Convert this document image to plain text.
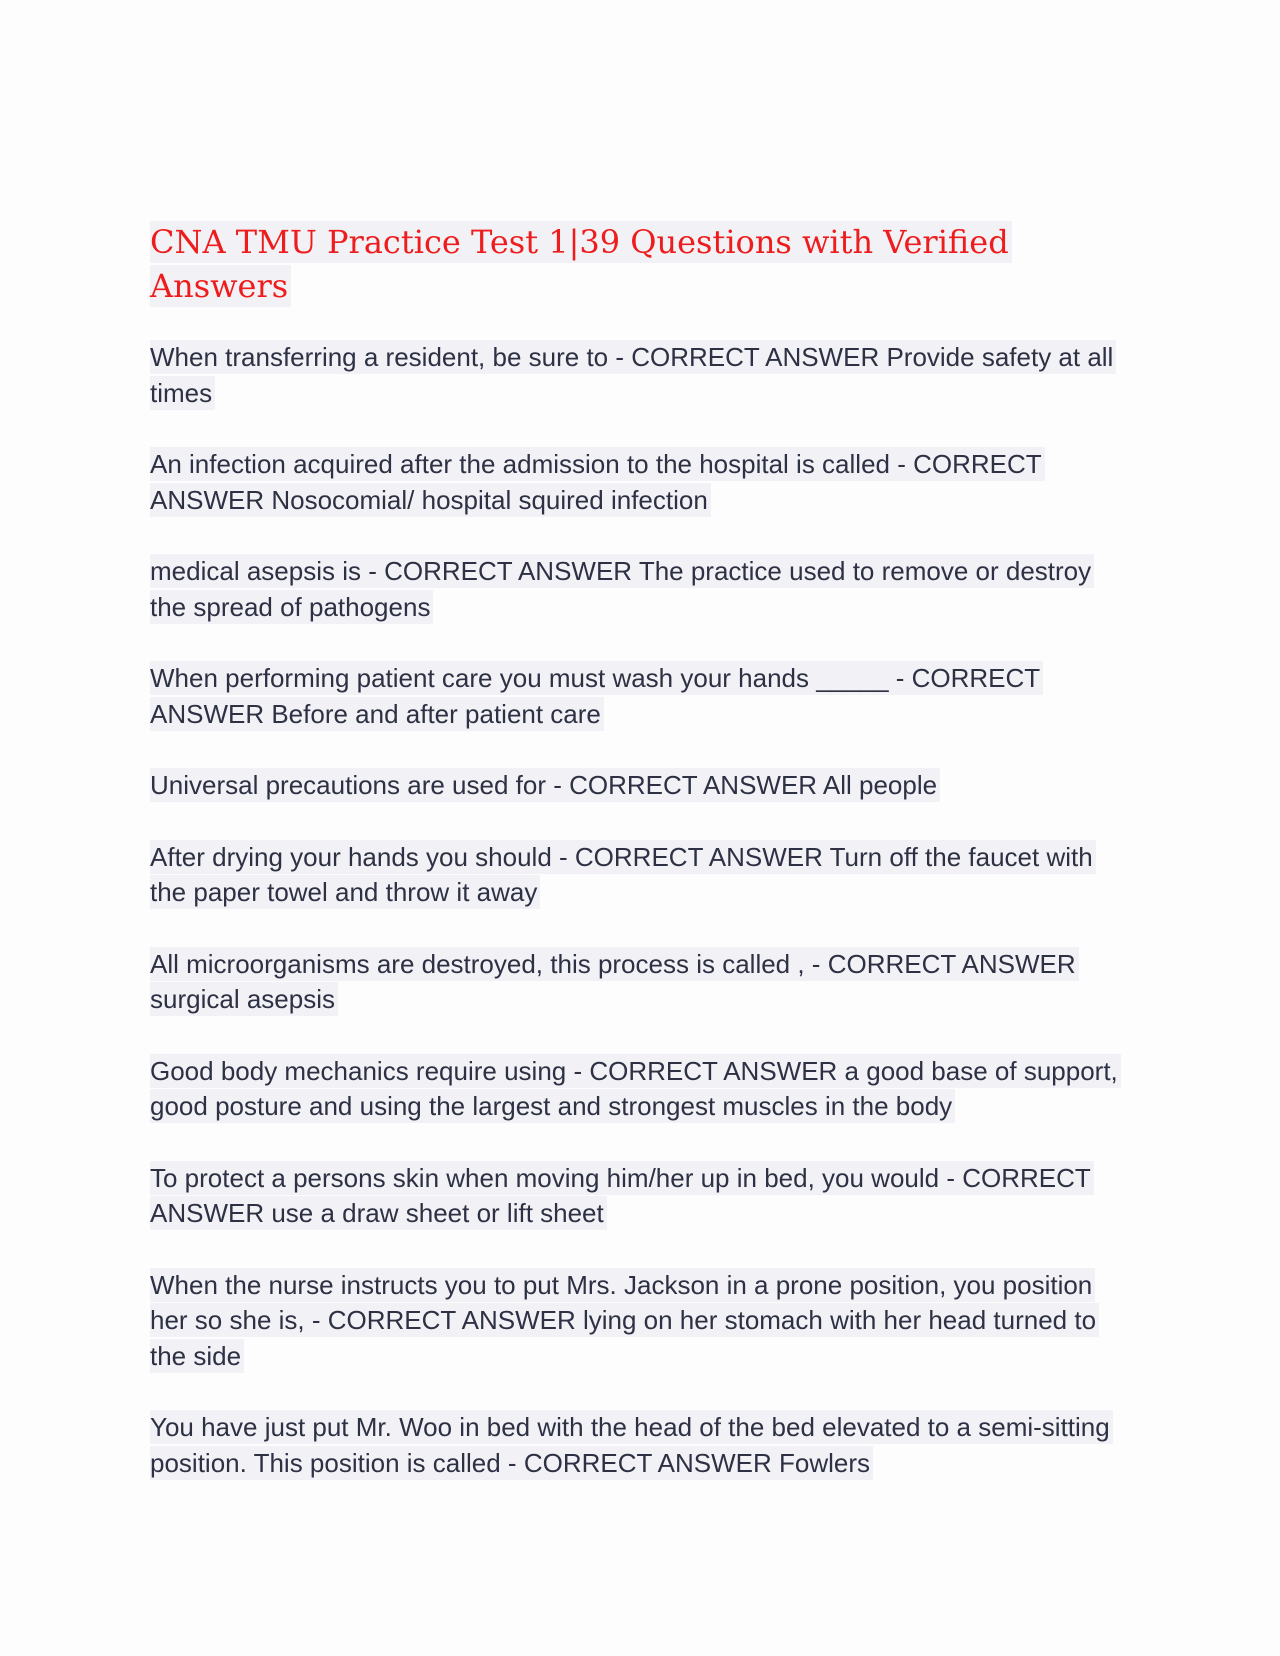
CNA TMU Practice Test 1|39 Questions with Verified Answers

When transferring a resident, be sure to - CORRECT ANSWER Provide safety at all times

An infection acquired after the admission to the hospital is called - CORRECT ANSWER Nosocomial/ hospital squired infection

medical asepsis is - CORRECT ANSWER The practice used to remove or destroy the spread of pathogens

When performing patient care you must wash your hands _____ - CORRECT ANSWER Before and after patient care

Universal precautions are used for - CORRECT ANSWER All people

After drying your hands you should - CORRECT ANSWER Turn off the faucet with the paper towel and throw it away

All microorganisms are destroyed, this process is called , - CORRECT ANSWER surgical asepsis

Good body mechanics require using - CORRECT ANSWER a good base of support, good posture and using the largest and strongest muscles in the body

To protect a persons skin when moving him/her up in bed, you would - CORRECT ANSWER use a draw sheet or lift sheet

When the nurse instructs you to put Mrs. Jackson in a prone position, you position her so she is, - CORRECT ANSWER lying on her stomach with her head turned to the side

You have just put Mr. Woo in bed with the head of the bed elevated to a semi-sitting position. This position is called - CORRECT ANSWER Fowlers
